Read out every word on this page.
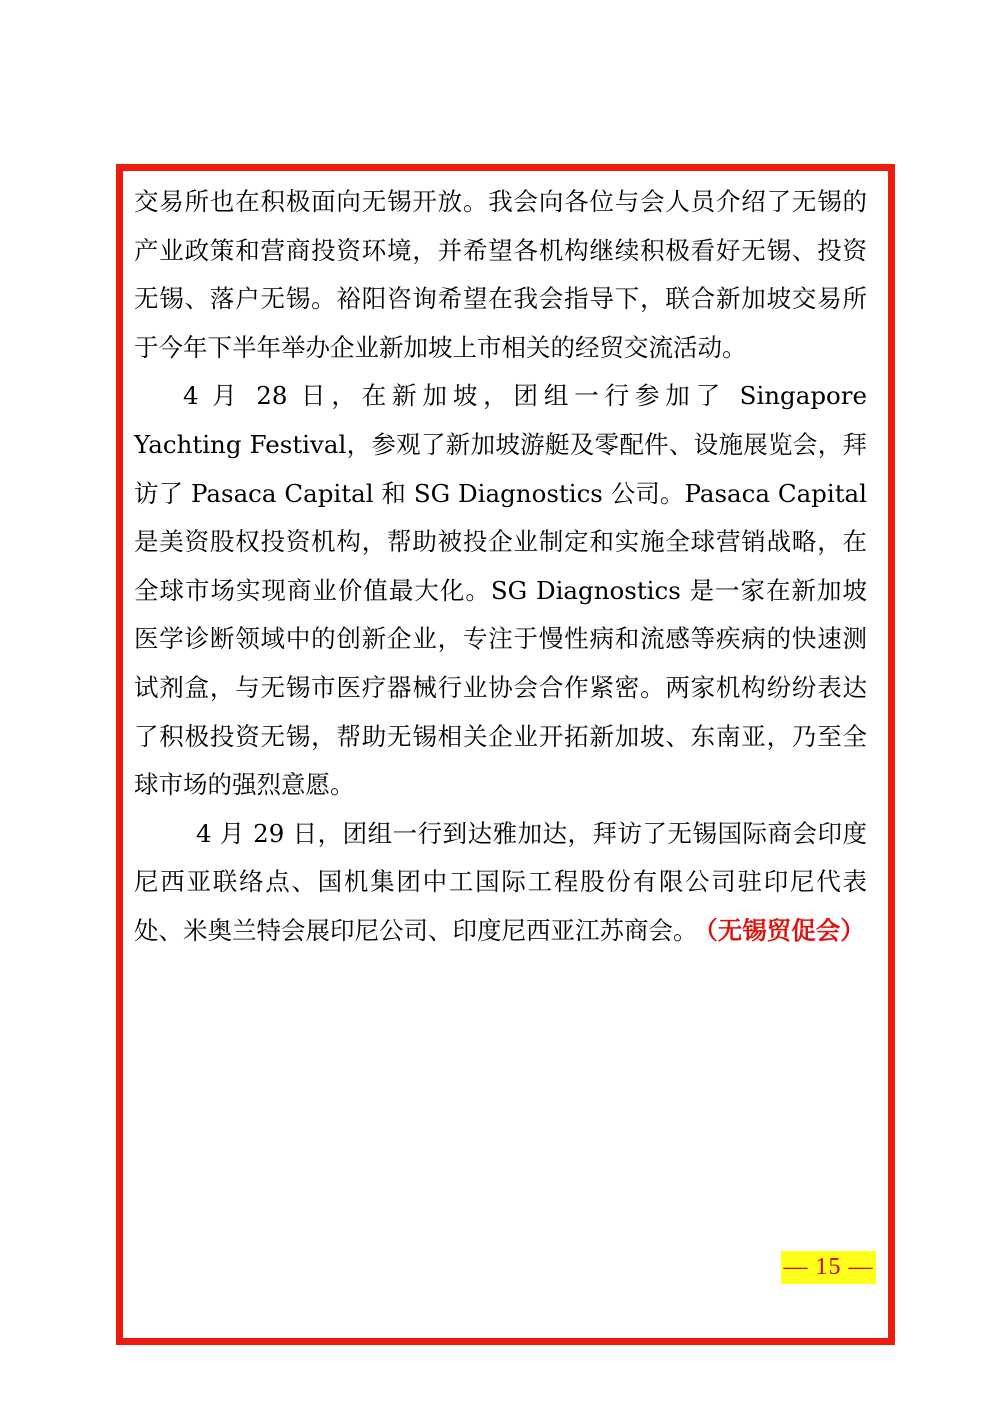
交易所也在积极面向无锡开放。我会向各位与会人员介绍了无锡的产业政策和营商投资环境，并希望各机构继续积极看好无锡、投资无锡、落户无锡。裕阳咨询希望在我会指导下，联合新加坡交易所于今年下半年举办企业新加坡上市相关的经贸交流活动。

4 月 28 日，在新加坡，团组一行参加了 Singapore Yachting Festival，参观了新加坡游艇及零配件、设施展览会，拜访了 Pasaca Capital 和 SG Diagnostics 公司。Pasaca Capital 是美资股权投资机构，帮助被投企业制定和实施全球营销战略，在全球市场实现商业价值最大化。SG Diagnostics 是一家在新加坡医学诊断领域中的创新企业，专注于慢性病和流感等疾病的快速测试剂盒，与无锡市医疗器械行业协会合作紧密。两家机构纷纷表达了积极投资无锡，帮助无锡相关企业开拓新加坡、东南亚，乃至全球市场的强烈意愿。

4 月 29 日，团组一行到达雅加达，拜访了无锡国际商会印度尼西亚联络点、国机集团中工国际工程股份有限公司驻印尼代表处、米奥兰特会展印尼公司、印度尼西亚江苏商会。 （无锡贸促会）

— 15 —
